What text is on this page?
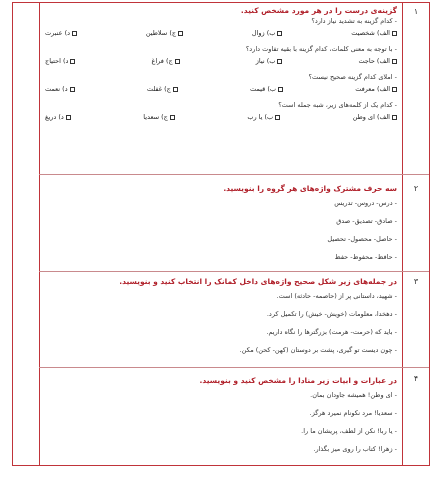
۱
گزینه‌ی درست را در هر مورد مشخص کنید.
- کدام گزینه به تشدید نیاز دارد؟
الف) شخصیت
ب) زوال
ج) سلاطین
د) عنبرت
- با توجه به معنی کلمات، کدام گزینه با بقیه تفاوت دارد؟
الف) حاجت
ب) نیاز
ج) فراغ
د) احتیاج
- املای کدام گزینه صحیح نیست؟
الف) معرفت
ب) قیمت
ج) غفلت
د) نعمت
- کدام یک از کلمه‌های زیر، شبه جمله است؟
الف) ای وطن
ب) یا رب
ج) سعدیا
د) دریغ
۲
سه حرف مشترک واژه‌های هر گروه را بنویسید.
- درس- دروس- تدریس
- صادق- تصدیق- صدق
- حاصل- محصول- تحصیل
- حافظ- محفوظ- حفظ
۳
در جمله‌های زیر شکل صحیح واژه‌های داخل کمانک را انتخاب کنید و بنویسید.
- شهید، داستانی پر از (حاصمه- حادثه) است.
- دهخدا، معلومات (خویش- خیش) را تکمیل کرد.
- باید که (حرمت- هرمت) بزرگترها را نگاه داریم.
- چون دیست تو گیری، پشت بر دوستان (کهن- کحن) مکن.
۴
در عبارات و ابیات زیر منادا را مشخص کنید و بنویسید.
- ای وطن! همیشه جاودان بمان.
- سعدیا! مرد نکونام نمیرد هرگز.
- یا ربا! نکن از لطف، پریشان ما را.
- زهرا! کتاب را روی میز بگذار.
